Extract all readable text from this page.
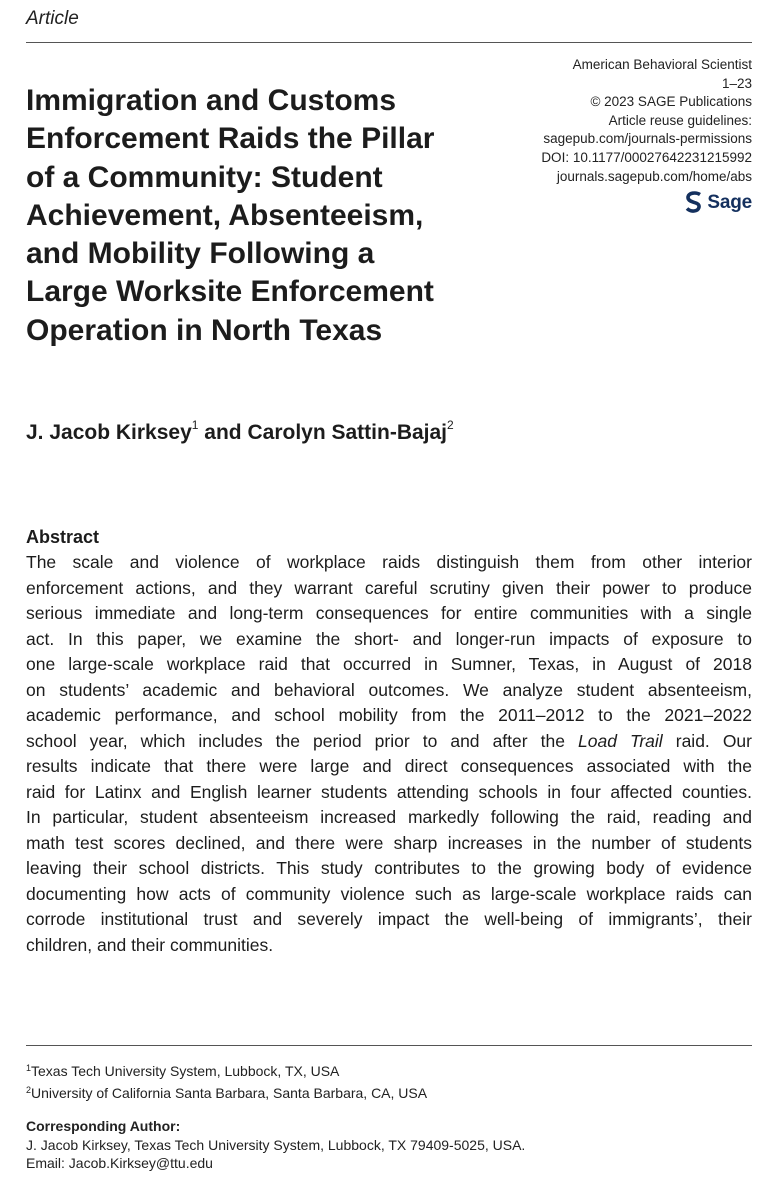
Article
American Behavioral Scientist
1–23
© 2023 SAGE Publications
Article reuse guidelines:
sagepub.com/journals-permissions
DOI: 10.1177/00027642231215992
journals.sagepub.com/home/abs
Sage
Immigration and Customs
Enforcement Raids the Pillar
of a Community: Student
Achievement, Absenteeism,
and Mobility Following a
Large Worksite Enforcement
Operation in North Texas
J. Jacob Kirksey$^1$ and Carolyn Sattin-Bajaj$^2$
Abstract
The scale and violence of workplace raids distinguish them from other interior
enforcement actions, and they warrant careful scrutiny given their power to produce
serious immediate and long-term consequences for entire communities with a single
act. In this paper, we examine the short- and longer-run impacts of exposure to
one large-scale workplace raid that occurred in Sumner, Texas, in August of 2018
on students’ academic and behavioral outcomes. We analyze student absenteeism,
academic performance, and school mobility from the 2011–2012 to the 2021–2022
school year, which includes the period prior to and after the Load Trail raid. Our
results indicate that there were large and direct consequences associated with the
raid for Latinx and English learner students attending schools in four affected counties.
In particular, student absenteeism increased markedly following the raid, reading and
math test scores declined, and there were sharp increases in the number of students
leaving their school districts. This study contributes to the growing body of evidence
documenting how acts of community violence such as large-scale workplace raids can
corrode institutional trust and severely impact the well-being of immigrants’, their
children, and their communities.
$^1$Texas Tech University System, Lubbock, TX, USA
$^2$University of California Santa Barbara, Santa Barbara, CA, USA
Corresponding Author:
J. Jacob Kirksey, Texas Tech University System, Lubbock, TX 79409-5025, USA.
Email: Jacob.Kirksey@ttu.edu
